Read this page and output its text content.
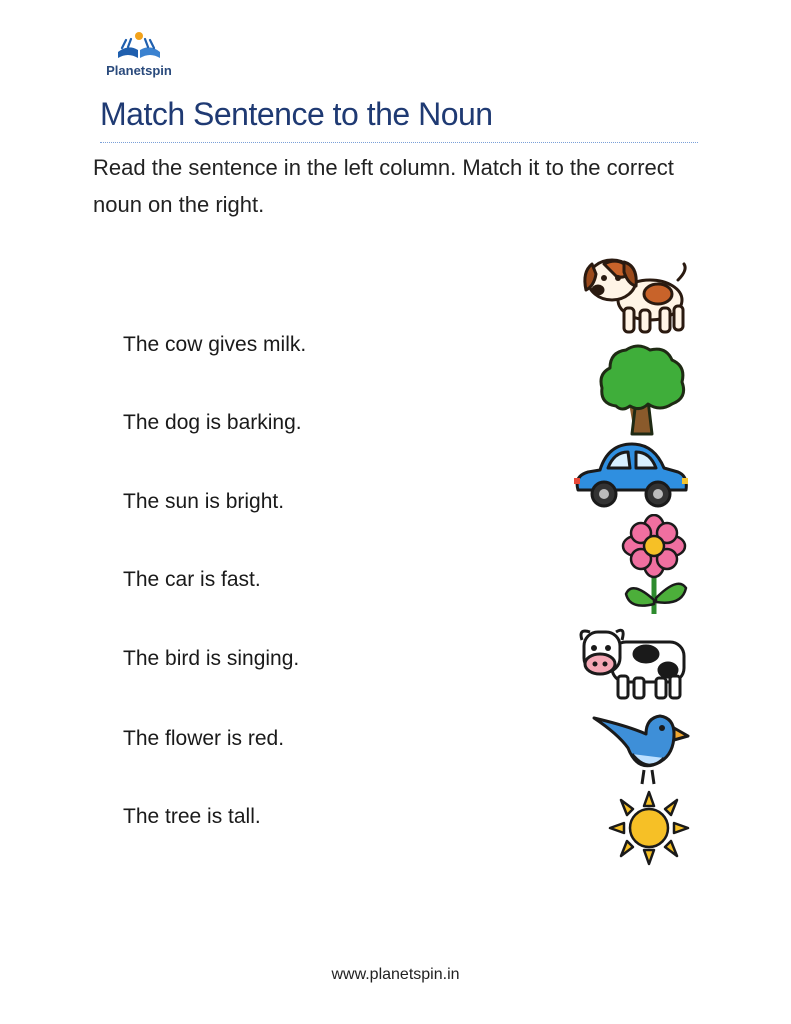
Planetspin
Match Sentence to the Noun
Read the sentence in the left column. Match it to the correct noun on the right.
The cow gives milk.
The dog is barking.
The sun is bright.
The car is fast.
The bird is singing.
The flower is red.
The tree is tall.
www.planetspin.in
